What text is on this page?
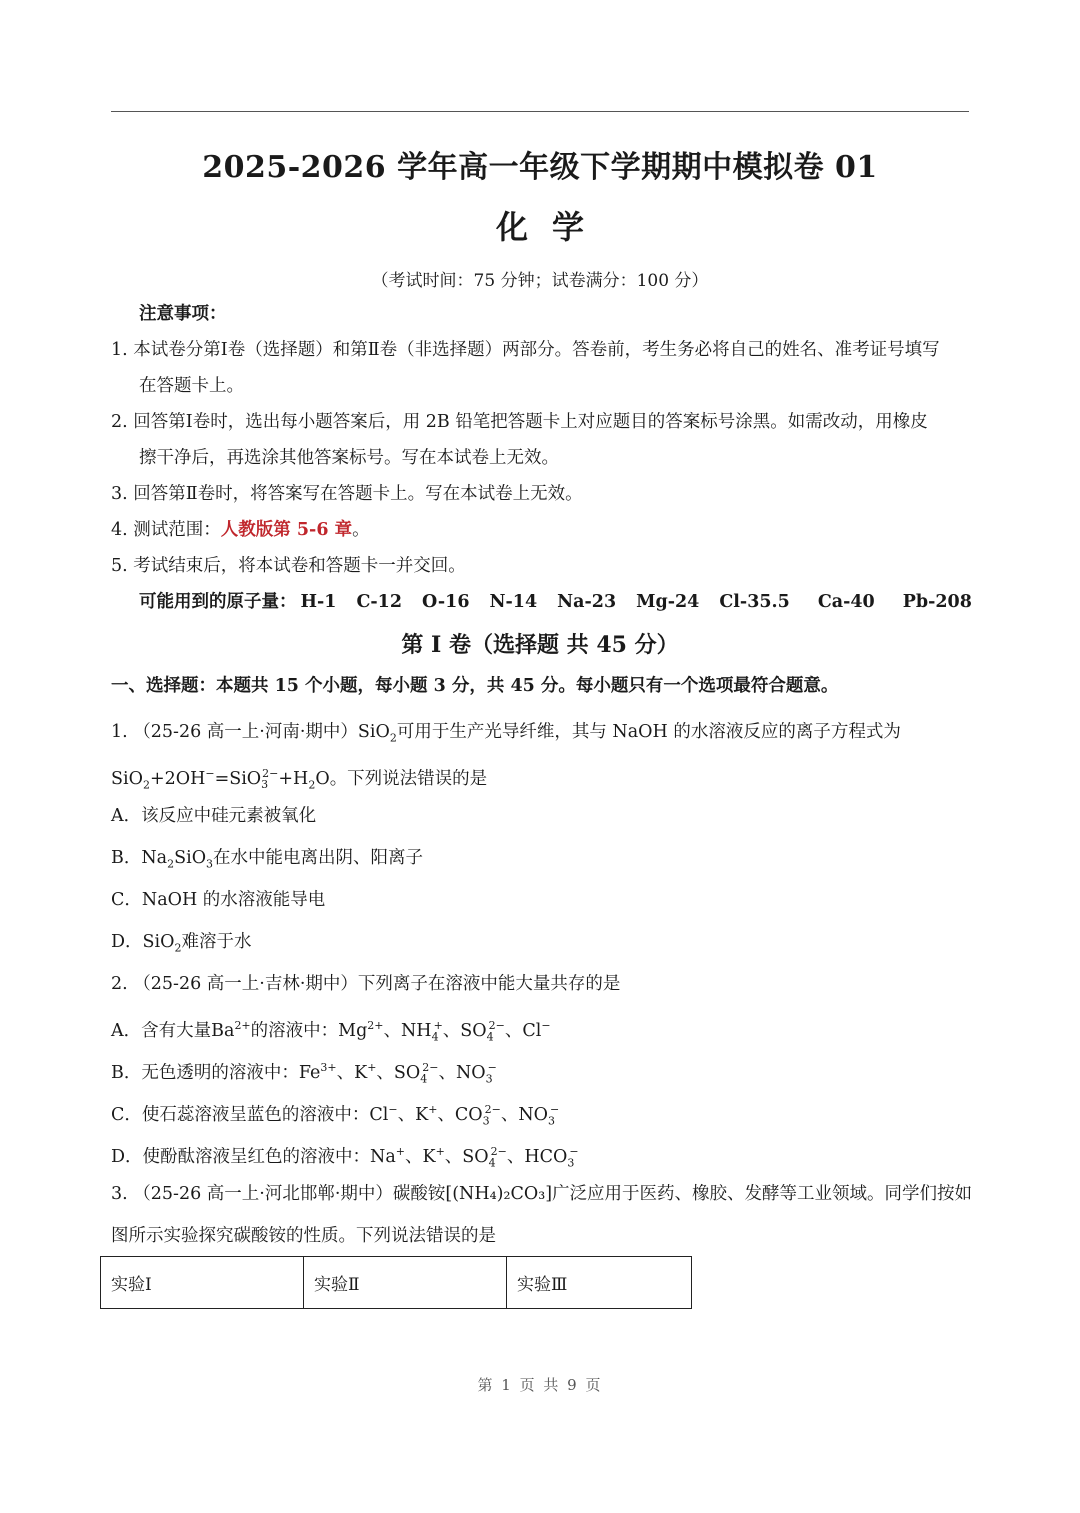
2025-2026 学年高一年级下学期期中模拟卷 01
化学
（考试时间：75 分钟；试卷满分：100 分）
注意事项：
1. 本试卷分第Ⅰ卷（选择题）和第Ⅱ卷（非选择题）两部分。答卷前，考生务必将自己的姓名、准考证号填写
在答题卡上。
2. 回答第Ⅰ卷时，选出每小题答案后，用 2B 铅笔把答题卡上对应题目的答案标号涂黑。如需改动，用橡皮
擦干净后，再选涂其他答案标号。写在本试卷上无效。
3. 回答第Ⅱ卷时，将答案写在答题卡上。写在本试卷上无效。
4. 测试范围：人教版第 5-6 章。
5. 考试结束后，将本试卷和答题卡一并交回。
可能用到的原子量： H-1 C-12 O-16 N-14 Na-23 Mg-24 Cl-35.5 Ca-40 Pb-208
第 I 卷（选择题 共 45 分）
一、选择题：本题共 15 个小题，每小题 3 分，共 45 分。每小题只有一个选项最符合题意。
1. （25-26 高一上·河南·期中）SiO$_2$可用于生产光导纤维，其与 NaOH 的水溶液反应的离子方程式为
$SiO_2+2OH^-=SiO_3^{2-}+H_2O$。下列说法错误的是
A．该反应中硅元素被氧化
B．$Na_2SiO_3$在水中能电离出阴、阳离子
C．NaOH 的水溶液能导电
D．SiO$_2$难溶于水
2. （25-26 高一上·吉林·期中）下列离子在溶液中能大量共存的是
A．含有大量$Ba^{2+}$的溶液中：$Mg^{2+}$、$NH_4^+$、$SO_4^{2-}$、Cl−
B．无色透明的溶液中：$Fe^{3+}$、K+、$SO_4^{2-}$、$NO_3^-$
C．使石蕊溶液呈蓝色的溶液中：Cl−、K+、$CO_3^{2-}$、$NO_3^-$
D．使酚酞溶液呈红色的溶液中：Na+、K+、$SO_4^{2-}$、$HCO_3^-$
3. （25-26 高一上·河北邯郸·期中）碳酸铵[(NH₄)₂CO₃]广泛应用于医药、橡胶、发酵等工业领域。同学们按如
图所示实验探究碳酸铵的性质。下列说法错误的是
实验Ⅰ	实验Ⅱ	实验Ⅲ
第 1 页 共 9 页
